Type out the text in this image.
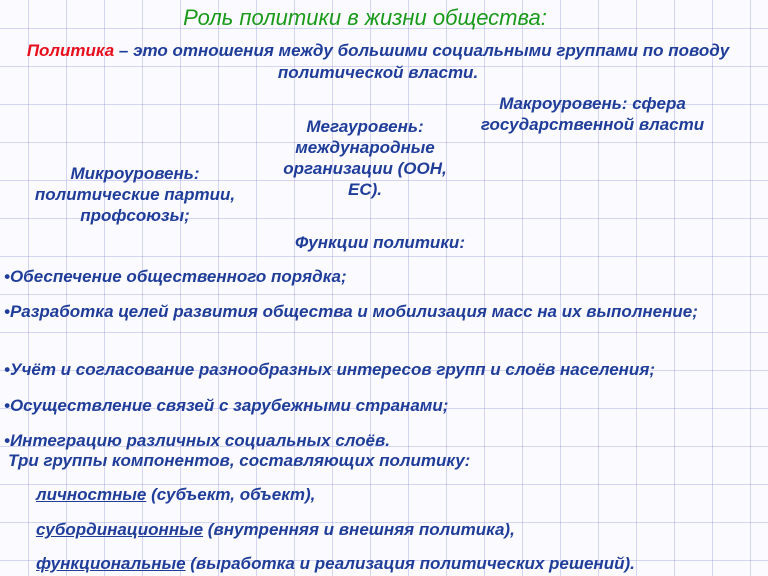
Роль политики в жизни общества:
Политика – это отношения между большими социальными группами по поводу политической власти.
Макроуровень: сфера государственной власти
Мегауровень: международные организации (ООН, ЕС).
Микроуровень: политические партии, профсоюзы;
Функции политики:
•Обеспечение общественного порядка;
•Разработка целей развития общества и мобилизация масс на их выполнение;
•Учёт и согласование разнообразных интересов групп и слоёв населения;
•Осуществление связей с зарубежными странами;
•Интеграцию различных социальных слоёв.
Три группы компонентов, составляющих политику:
личностные (субъект, объект),
субординационные (внутренняя и внешняя политика),
функциональные (выработка и реализация политических решений).
